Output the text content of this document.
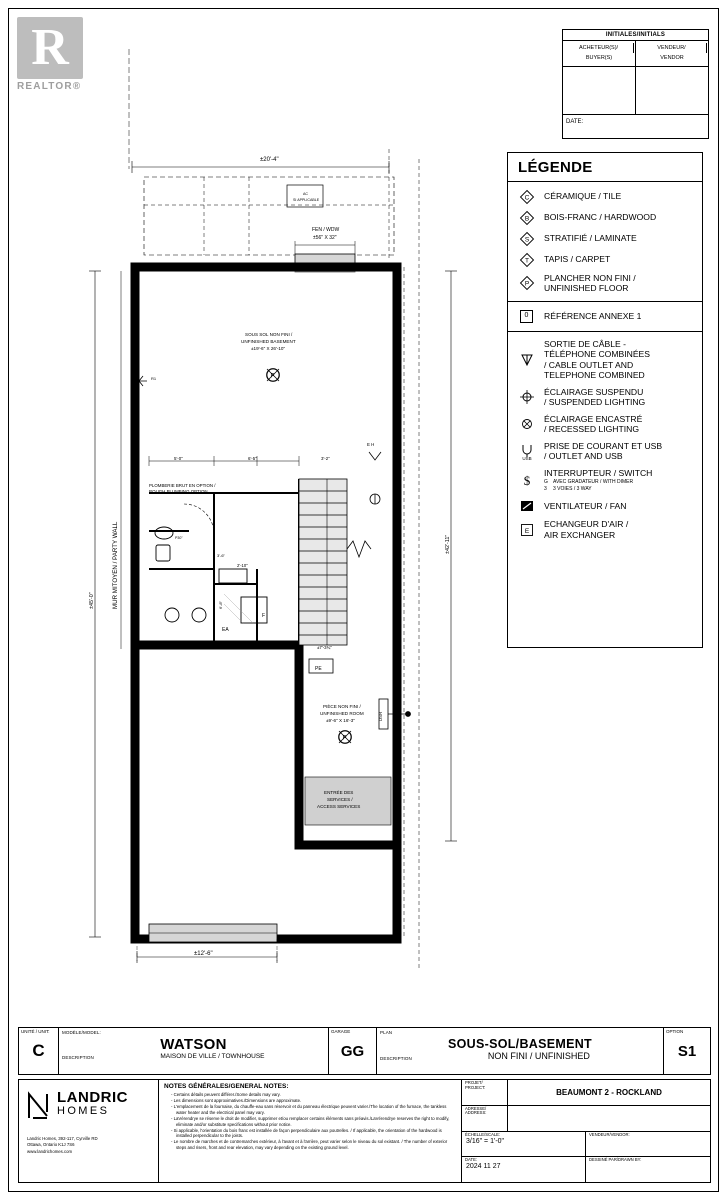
R
REALTOR®
INITIALES/INITIALS
ACHETEUR(S)/
BUYER(S)
VENDEUR/
VENDOR
DATE:
±20'-4"
AC
SI APPLICABLE
FEN / WDW
±56" X 32"
SOUS SOL NON FINI /
UNFINISHED BASEMENT
±19'-6" X 26'-10"
PLOMBERIE BRUT EN OPTION /
ROUGH PLUMBING OPTION
5'-0"	6'-5"	3'-2"
±7'-3¾"
2'-10"
3'-6"
6'-8"
F
EA
PE
P30"
DSR
E H
R1
PIÈCE NON FINI /
UNFINISHED ROOM
±9'-6" X 16'-3"
ENTRÉE DES
SERVICES /
ACCESS SERVICES
MUR MITOYEN / PARTY WALL
±45'-0"
±42'-11"
±12'-6"
P
P
LÉGENDE
C CÉRAMIQUE / TILE
B BOIS-FRANC / HARDWOOD
S STRATIFIÉ / LAMINATE
T TAPIS / CARPET
P
PLANCHER NON FINI /
UNFINISHED FLOOR
0 RÉFÉRENCE ANNEXE 1
SORTIE DE CÂBLE -
TÉLÉPHONE COMBINÉES
/ CABLE OUTLET AND
TELEPHONE COMBINED
ÉCLAIRAGE SUSPENDU
/ SUSPENDED LIGHTING
ÉCLAIRAGE ENCASTRÉ
/ RECESSED LIGHTING
USB
PRISE DE COURANT ET USB
/ OUTLET AND USB
$
INTERRUPTEUR / SWITCH
G AVEC GRADATEUR / WITH DIMER
3 3 VOIES / 3 WAY
VENTILATEUR / FAN
E
ECHANGEUR D'AIR /
AIR EXCHANGER
UNITÉ / UNIT:
C
MODÈLE/MODEL:
WATSON
DESCRIPTION	MAISON DE VILLE / TOWNHOUSE
GARAGE
GG
PLAN
SOUS-SOL/BASEMENT
DESCRIPTION	NON FINI / UNFINISHED
OPTION
S1
LANDRIC
HOMES
Landric Homes, 392-117, Cyrville RD
Ottawa, Ontario K1J 7S6
www.landrichomes.com
NOTES GÉNÉRALES/GENERAL NOTES:
- Certains détails peuvent différer./Some details may vary.
- Les dimensions sont approximatives./Dimensions are approximate.
- L'emplacement de la fournaise, du chauffe-eau sans réservoir et du panneau électrique peuvent varier./The location of the furnace, the tankless water heater and the electrical panel may vary.
- LaVérendrye se réserve le droit de modifier, supprimer et/ou remplacer certains éléments sans préavis./LaVérendrye reserves the right to modify, eliminate and/or substitute specifications without prior notice.
- Si applicable, l'orientation du bois franc est installée de façon perpendiculaire aux poutrelles. / If applicable, the orientation of the hardwood is installed perpendicular to the joists.
- Le nombre de marches et de contremarches extérieur, à l'avant et à l'arrière, peut varier selon le niveau du sol existant. / The number of exterior steps and risers, front and rear elevation, may vary depending on the existing ground level.
PROJET/
PROJECT:
BEAUMONT 2 - ROCKLAND
ADRESSE/
ADDRESS:
ÉCHELLE/SCALE:
3/16" = 1'-0"
VENDEUR/VENDOR:
DATE:
2024 11 27
DESSINÉ PAR/DRAWN BY:
